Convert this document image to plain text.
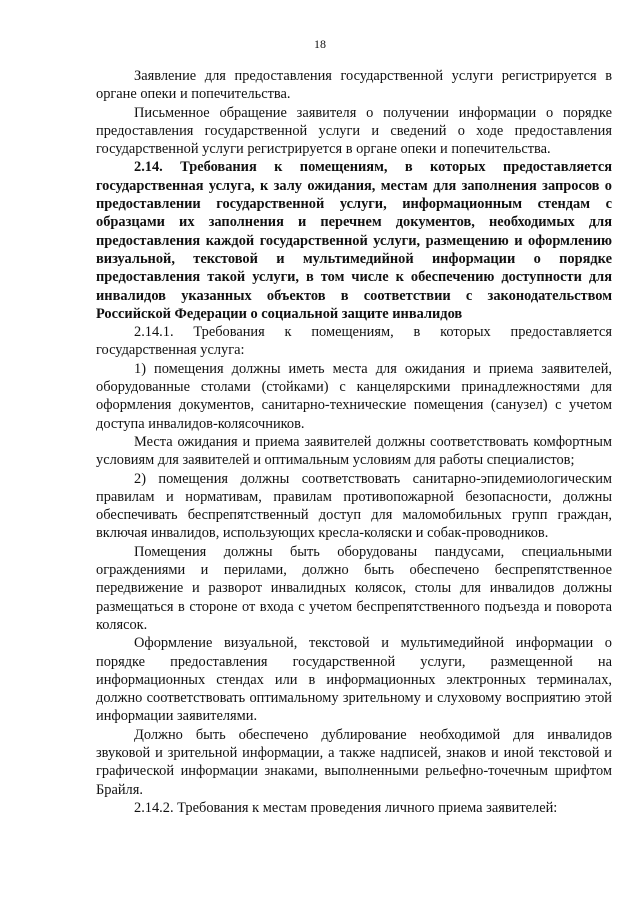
18

Заявление для предоставления государственной услуги регистрируется в органе опеки и попечительства.

Письменное обращение заявителя о получении информации о порядке предоставления государственной услуги и сведений о ходе предоставления государственной услуги регистрируется в органе опеки и попечительства.

2.14. Требования к помещениям, в которых предоставляется государственная услуга, к залу ожидания, местам для заполнения запросов о предоставлении государственной услуги, информационным стендам с образцами их заполнения и перечнем документов, необходимых для предоставления каждой государственной услуги, размещению и оформлению визуальной, текстовой и мультимедийной информации о порядке предоставления такой услуги, в том числе к обеспечению доступности для инвалидов указанных объектов в соответствии с законодательством Российской Федерации о социальной защите инвалидов

2.14.1. Требования к помещениям, в которых предоставляется государственная услуга:

1) помещения должны иметь места для ожидания и приема заявителей, оборудованные столами (стойками) с канцелярскими принадлежностями для оформления документов, санитарно-технические помещения (санузел) с учетом доступа инвалидов-колясочников.

Места ожидания и приема заявителей должны соответствовать комфортным условиям для заявителей и оптимальным условиям для работы специалистов;

2) помещения должны соответствовать санитарно-эпидемиологическим правилам и нормативам, правилам противопожарной безопасности, должны обеспечивать беспрепятственный доступ для маломобильных групп граждан, включая инвалидов, использующих кресла-коляски и собак-проводников.

Помещения должны быть оборудованы пандусами, специальными ограждениями и перилами, должно быть обеспечено беспрепятственное передвижение и разворот инвалидных колясок, столы для инвалидов должны размещаться в стороне от входа с учетом беспрепятственного подъезда и поворота колясок.

Оформление визуальной, текстовой и мультимедийной информации о порядке предоставления государственной услуги, размещенной на информационных стендах или в информационных электронных терминалах, должно соответствовать оптимальному зрительному и слуховому восприятию этой информации заявителями.

Должно быть обеспечено дублирование необходимой для инвалидов звуковой и зрительной информации, а также надписей, знаков и иной текстовой и графической информации знаками, выполненными рельефно-точечным шрифтом Брайля.

2.14.2. Требования к местам проведения личного приема заявителей:
